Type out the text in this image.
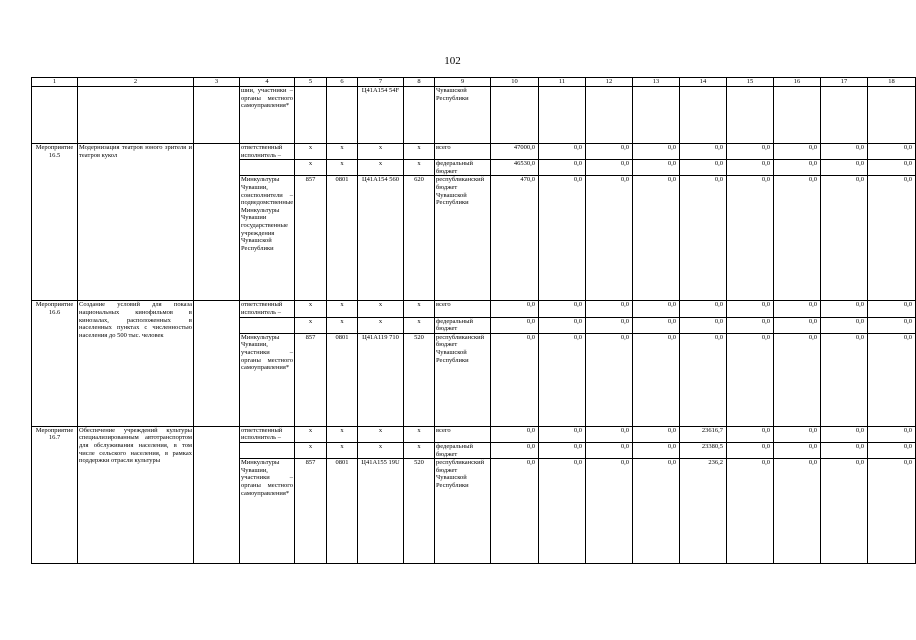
102
1	2	3	4	5	6	7	8	9	10	11	12	13	14	15	16	17	18
			шии, участники – органы местного самоуправления*			Ц41А154 54F		Чувашской Республики									
Мероприятие 16.5	Модернизация театров юного зрителя и театров кукол		ответственный исполнитель –	x	x	x	x	всего	47000,0	0,0	0,0	0,0	0,0	0,0	0,0	0,0	0,0
				x	x	x	x	федеральный бюджет	46530,0	0,0	0,0	0,0	0,0	0,0	0,0	0,0	0,0
			Минкультуры Чувашии, соисполнители – подведомственные Минкультуры Чувашии государственные учреждения Чувашской Республики	857	0801	Ц41А154 560	620	республиканский бюджет Чувашской Республики	470,0	0,0	0,0	0,0	0,0	0,0	0,0	0,0	0,0
Мероприятие 16.6	Создание условий для показа национальных кинофильмов в кинозалах, расположенных в населенных пунктах с численностью населения до 500 тыс. человек		ответственный исполнитель –	x	x	x	x	всего	0,0	0,0	0,0	0,0	0,0	0,0	0,0	0,0	0,0
				x	x	x	x	федеральный бюджет	0,0	0,0	0,0	0,0	0,0	0,0	0,0	0,0	0,0
			Минкультуры Чувашии, участники – органы местного самоуправления*	857	0801	Ц41А119 710	520	республиканский бюджет Чувашской Республики	0,0	0,0	0,0	0,0	0,0	0,0	0,0	0,0	0,0
Мероприятие 16.7	Обеспечение учреждений культуры специализированным автотранспортом для обслуживания населения, в том числе сельского населения, в рамках поддержки отрасли культуры		ответственный исполнитель –	x	x	x	x	всего	0,0	0,0	0,0	0,0	23616,7	0,0	0,0	0,0	0,0
				x	x	x	x	федеральный бюджет	0,0	0,0	0,0	0,0	23380,5	0,0	0,0	0,0	0,0
			Минкультуры Чувашии, участники – органы местного самоуправления*	857	0801	Ц41А155 19U	520	республиканский бюджет Чувашской Республики	0,0	0,0	0,0	0,0	236,2	0,0	0,0	0,0	0,0
